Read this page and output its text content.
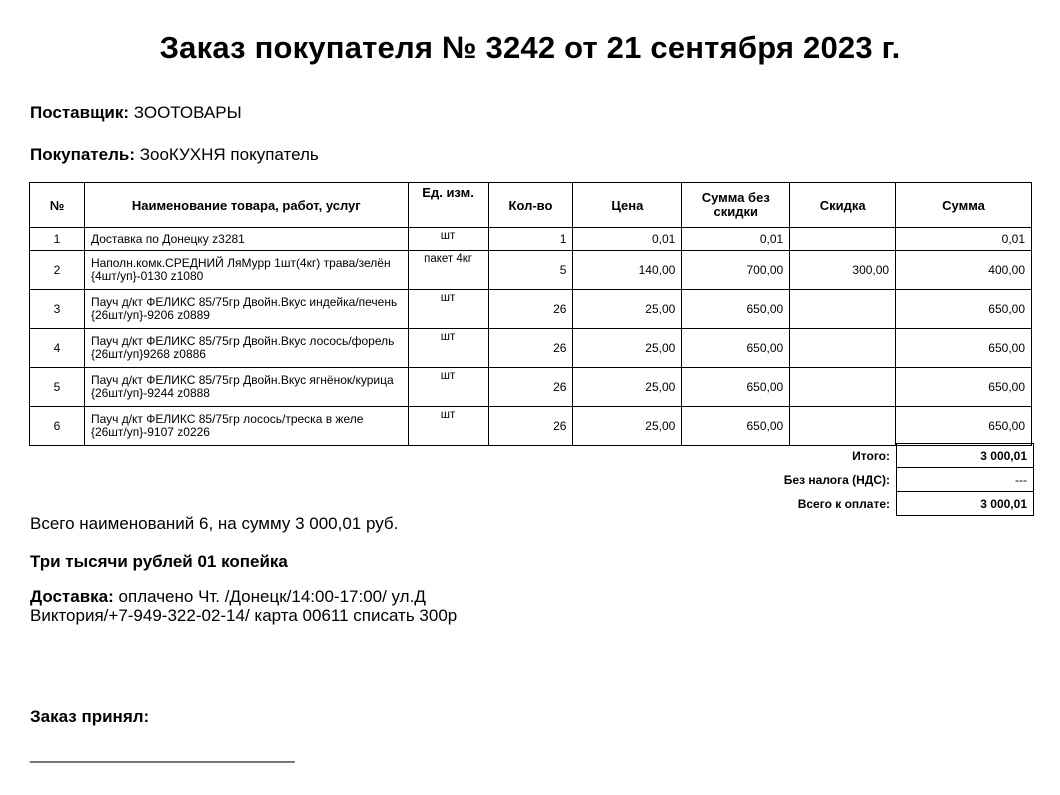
Заказ покупателя № 3242 от 21 сентября 2023 г.
Поставщик: ЗООТОВАРЫ
Покупатель: ЗооКУХНЯ покупатель
№	Наименование товара, работ, услуг	Ед. изм.	Кол-во	Цена	Сумма без скидки	Скидка	Сумма
1	Доставка по Донецку z3281	шт	1	0,01	0,01		0,01
2	Наполн.комк.СРЕДНИЙ ЛяМурр 1шт(4кг) трава/зелён {4шт/уп}-0130 z1080	пакет 4кг	5	140,00	700,00	300,00	400,00
3	Пауч д/кт ФЕЛИКС 85/75гр Двойн.Вкус индейка/печень {26шт/уп}-9206 z0889	шт	26	25,00	650,00		650,00
4	Пауч д/кт ФЕЛИКС 85/75гр Двойн.Вкус лосось/форель {26шт/уп}9268 z0886	шт	26	25,00	650,00		650,00
5	Пауч д/кт ФЕЛИКС 85/75гр Двойн.Вкус ягнёнок/курица {26шт/уп}-9244 z0888	шт	26	25,00	650,00		650,00
6	Пауч д/кт ФЕЛИКС 85/75гр лосось/треска в желе {26шт/уп}-9107 z0226	шт	26	25,00	650,00		650,00
Итого:	3 000,01
Без налога (НДС):	---
Всего к оплате:	3 000,01
Всего наименований 6, на сумму 3 000,01 руб.
Три тысячи рублей 01 копейка
Доставка: оплачено Чт. /Донецк/14:00-17:00/ ул.Д
Виктория/+7-949-322-02-14/ карта 00611 списать 300р
Заказ принял:
____________________________
